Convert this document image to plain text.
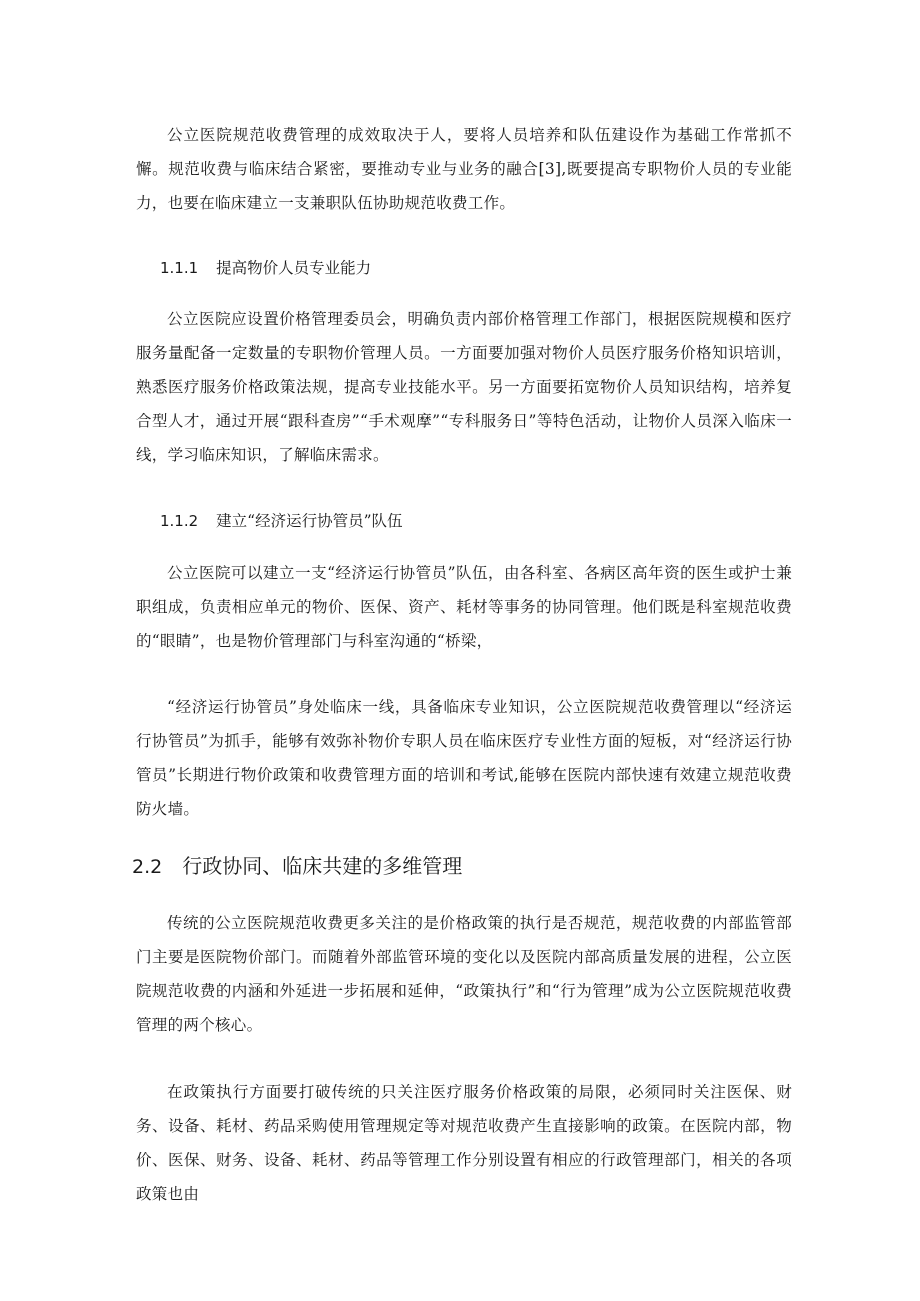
公立医院规范收费管理的成效取决于人，要将人员培养和队伍建设作为基础工作常抓不懈。规范收费与临床结合紧密，要推动专业与业务的融合[3],既要提高专职物价人员的专业能力，也要在临床建立一支兼职队伍协助规范收费工作。

1.1.1 提高物价人员专业能力

公立医院应设置价格管理委员会，明确负责内部价格管理工作部门，根据医院规模和医疗服务量配备一定数量的专职物价管理人员。一方面要加强对物价人员医疗服务价格知识培训，熟悉医疗服务价格政策法规，提高专业技能水平。另一方面要拓宽物价人员知识结构，培养复合型人才，通过开展“跟科查房”“手术观摩”“专科服务日”等特色活动，让物价人员深入临床一线，学习临床知识，了解临床需求。

1.1.2 建立“经济运行协管员”队伍

公立医院可以建立一支“经济运行协管员”队伍，由各科室、各病区高年资的医生或护士兼职组成，负责相应单元的物价、医保、资产、耗材等事务的协同管理。他们既是科室规范收费的“眼睛”，也是物价管理部门与科室沟通的“桥梁，

“经济运行协管员”身处临床一线，具备临床专业知识，公立医院规范收费管理以“经济运行协管员”为抓手，能够有效弥补物价专职人员在临床医疗专业性方面的短板，对“经济运行协管员”长期进行物价政策和收费管理方面的培训和考试,能够在医院内部快速有效建立规范收费防火墙。

2.2 行政协同、临床共建的多维管理

传统的公立医院规范收费更多关注的是价格政策的执行是否规范，规范收费的内部监管部门主要是医院物价部门。而随着外部监管环境的变化以及医院内部高质量发展的进程，公立医院规范收费的内涵和外延进一步拓展和延伸，“政策执行”和“行为管理”成为公立医院规范收费管理的两个核心。

在政策执行方面要打破传统的只关注医疗服务价格政策的局限，必须同时关注医保、财务、设备、耗材、药品采购使用管理规定等对规范收费产生直接影响的政策。在医院内部，物价、医保、财务、设备、耗材、药品等管理工作分别设置有相应的行政管理部门，相关的各项政策也由
